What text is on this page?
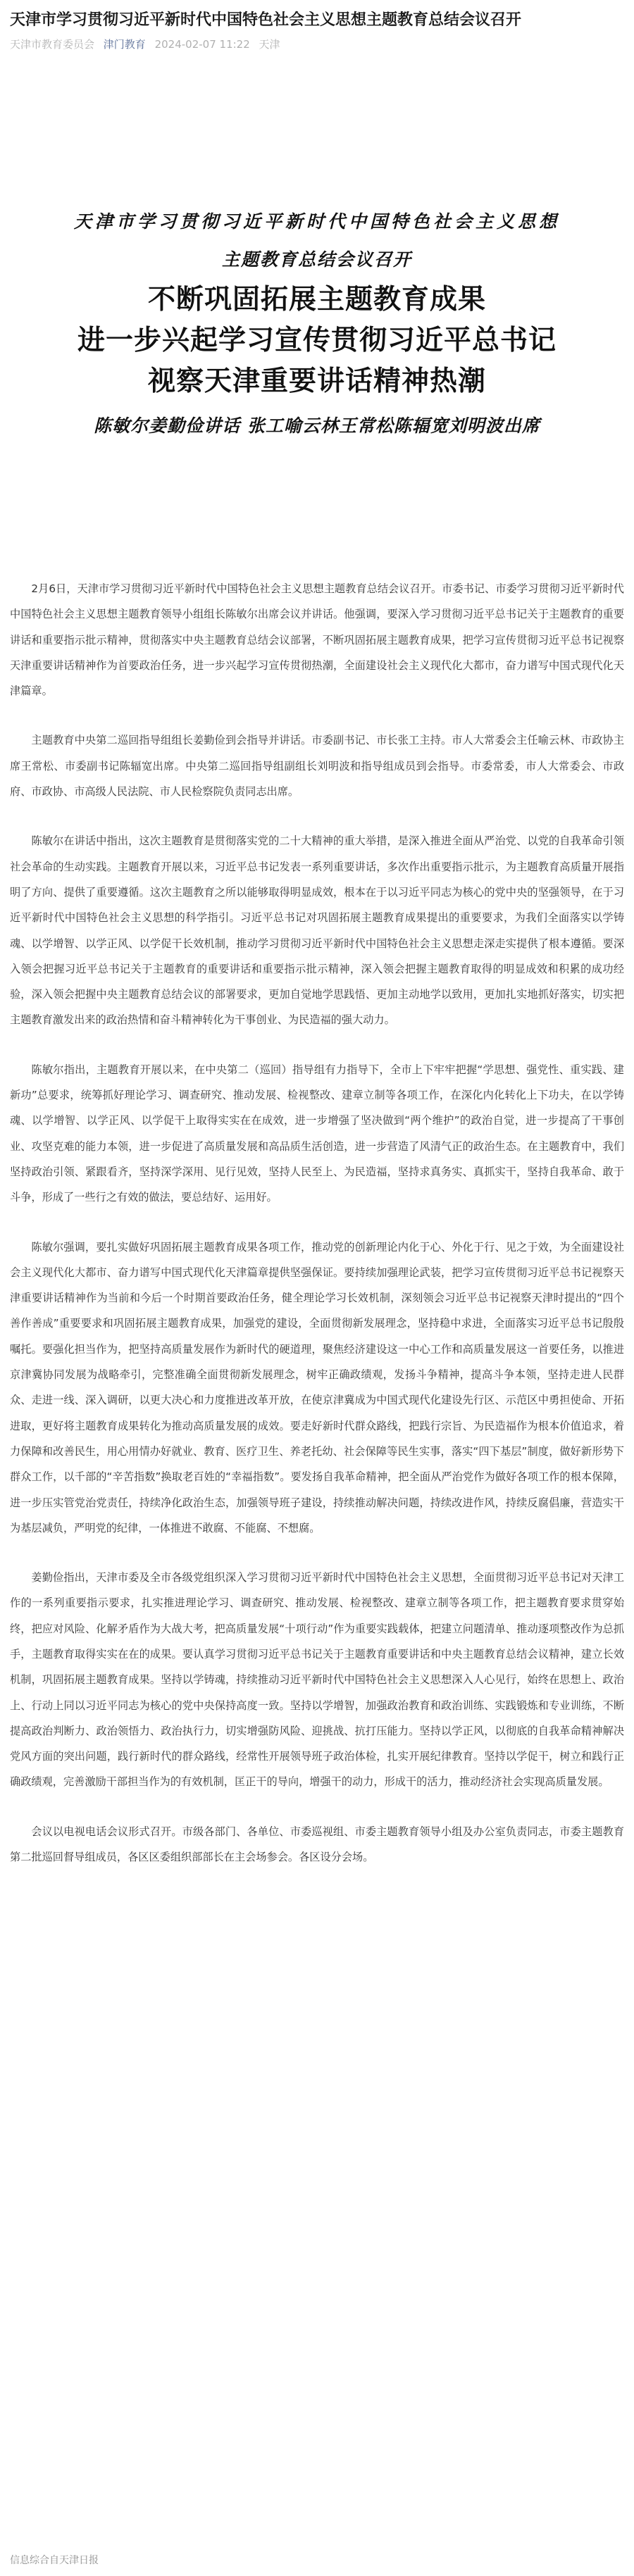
天津市学习贯彻习近平新时代中国特色社会主义思想主题教育总结会议召开
天津市教育委员会 津门教育 2024-02-07 11:22 天津
天津市学习贯彻习近平新时代中国特色社会主义思想
主题教育总结会议召开
不断巩固拓展主题教育成果
进一步兴起学习宣传贯彻习近平总书记
视察天津重要讲话精神热潮
陈敏尔姜勤俭讲话 张工喻云林王常松陈辐宽刘明波出席

2月6日，天津市学习贯彻习近平新时代中国特色社会主义思想主题教育总结会议召开。市委书记、市委学习贯彻习近平新时代中国特色社会主义思想主题教育领导小组组长陈敏尔出席会议并讲话。他强调，要深入学习贯彻习近平总书记关于主题教育的重要讲话和重要指示批示精神，贯彻落实中央主题教育总结会议部署，不断巩固拓展主题教育成果，把学习宣传贯彻习近平总书记视察天津重要讲话精神作为首要政治任务，进一步兴起学习宣传贯彻热潮，全面建设社会主义现代化大都市，奋力谱写中国式现代化天津篇章。

主题教育中央第二巡回指导组组长姜勤俭到会指导并讲话。市委副书记、市长张工主持。市人大常委会主任喻云林、市政协主席王常松、市委副书记陈辐宽出席。中央第二巡回指导组副组长刘明波和指导组成员到会指导。市委常委，市人大常委会、市政府、市政协、市高级人民法院、市人民检察院负责同志出席。

陈敏尔在讲话中指出，这次主题教育是贯彻落实党的二十大精神的重大举措，是深入推进全面从严治党、以党的自我革命引领社会革命的生动实践。主题教育开展以来，习近平总书记发表一系列重要讲话，多次作出重要指示批示，为主题教育高质量开展指明了方向、提供了重要遵循。这次主题教育之所以能够取得明显成效，根本在于以习近平同志为核心的党中央的坚强领导，在于习近平新时代中国特色社会主义思想的科学指引。习近平总书记对巩固拓展主题教育成果提出的重要要求，为我们全面落实以学铸魂、以学增智、以学正风、以学促干长效机制，推动学习贯彻习近平新时代中国特色社会主义思想走深走实提供了根本遵循。要深入领会把握习近平总书记关于主题教育的重要讲话和重要指示批示精神，深入领会把握主题教育取得的明显成效和积累的成功经验，深入领会把握中央主题教育总结会议的部署要求，更加自觉地学思践悟、更加主动地学以致用，更加扎实地抓好落实，切实把主题教育激发出来的政治热情和奋斗精神转化为干事创业、为民造福的强大动力。

陈敏尔指出，主题教育开展以来，在中央第二（巡回）指导组有力指导下，全市上下牢牢把握“学思想、强党性、重实践、建新功”总要求，统筹抓好理论学习、调查研究、推动发展、检视整改、建章立制等各项工作，在深化内化转化上下功夫，在以学铸魂、以学增智、以学正风、以学促干上取得实实在在成效，进一步增强了坚决做到“两个维护”的政治自觉，进一步提高了干事创业、攻坚克难的能力本领，进一步促进了高质量发展和高品质生活创造，进一步营造了风清气正的政治生态。在主题教育中，我们坚持政治引领、紧跟看齐，坚持深学深用、见行见效，坚持人民至上、为民造福，坚持求真务实、真抓实干，坚持自我革命、敢于斗争，形成了一些行之有效的做法，要总结好、运用好。

陈敏尔强调，要扎实做好巩固拓展主题教育成果各项工作，推动党的创新理论内化于心、外化于行、见之于效，为全面建设社会主义现代化大都市、奋力谱写中国式现代化天津篇章提供坚强保证。要持续加强理论武装，把学习宣传贯彻习近平总书记视察天津重要讲话精神作为当前和今后一个时期首要政治任务，健全理论学习长效机制，深刻领会习近平总书记视察天津时提出的“四个善作善成”重要要求和巩固拓展主题教育成果，加强党的建设，全面贯彻新发展理念，坚持稳中求进，全面落实习近平总书记殷殷嘱托。要强化担当作为，把坚持高质量发展作为新时代的硬道理，聚焦经济建设这一中心工作和高质量发展这一首要任务，以推进京津冀协同发展为战略牵引，完整准确全面贯彻新发展理念，树牢正确政绩观，发扬斗争精神，提高斗争本领，坚持走进人民群众、走进一线、深入调研，以更大决心和力度推进改革开放，在使京津冀成为中国式现代化建设先行区、示范区中勇担使命、开拓进取，更好将主题教育成果转化为推动高质量发展的成效。要走好新时代群众路线，把践行宗旨、为民造福作为根本价值追求，着力保障和改善民生，用心用情办好就业、教育、医疗卫生、养老托幼、社会保障等民生实事，落实“四下基层”制度，做好新形势下群众工作，以千部的“辛苦指数”换取老百姓的“幸福指数”。要发扬自我革命精神，把全面从严治党作为做好各项工作的根本保障，进一步压实管党治党责任，持续净化政治生态，加强领导班子建设，持续推动解决问题，持续改进作风，持续反腐倡廉，营造实干为基层减负，严明党的纪律，一体推进不敢腐、不能腐、不想腐。

姜勤俭指出，天津市委及全市各级党组织深入学习贯彻习近平新时代中国特色社会主义思想，全面贯彻习近平总书记对天津工作的一系列重要指示要求，扎实推进理论学习、调查研究、推动发展、检视整改、建章立制等各项工作，把主题教育要求贯穿始终，把应对风险、化解矛盾作为大战大考，把高质量发展“十项行动”作为重要实践载体，把建立问题清单、推动逐项整改作为总抓手，主题教育取得实实在在的成果。要认真学习贯彻习近平总书记关于主题教育重要讲话和中央主题教育总结会议精神，建立长效机制，巩固拓展主题教育成果。坚持以学铸魂，持续推动习近平新时代中国特色社会主义思想深入人心见行，始终在思想上、政治上、行动上同以习近平同志为核心的党中央保持高度一致。坚持以学增智，加强政治教育和政治训练、实践锻炼和专业训练，不断提高政治判断力、政治领悟力、政治执行力，切实增强防风险、迎挑战、抗打压能力。坚持以学正风，以彻底的自我革命精神解决党风方面的突出问题，践行新时代的群众路线，经常性开展领导班子政治体检，扎实开展纪律教育。坚持以学促干，树立和践行正确政绩观，完善激励干部担当作为的有效机制，匡正干的导向，增强干的动力，形成干的活力，推动经济社会实现高质量发展。

会议以电视电话会议形式召开。市级各部门、各单位、市委巡视组、市委主题教育领导小组及办公室负责同志，市委主题教育第二批巡回督导组成员，各区区委组织部部长在主会场参会。各区设分会场。

信息综合自天津日报
